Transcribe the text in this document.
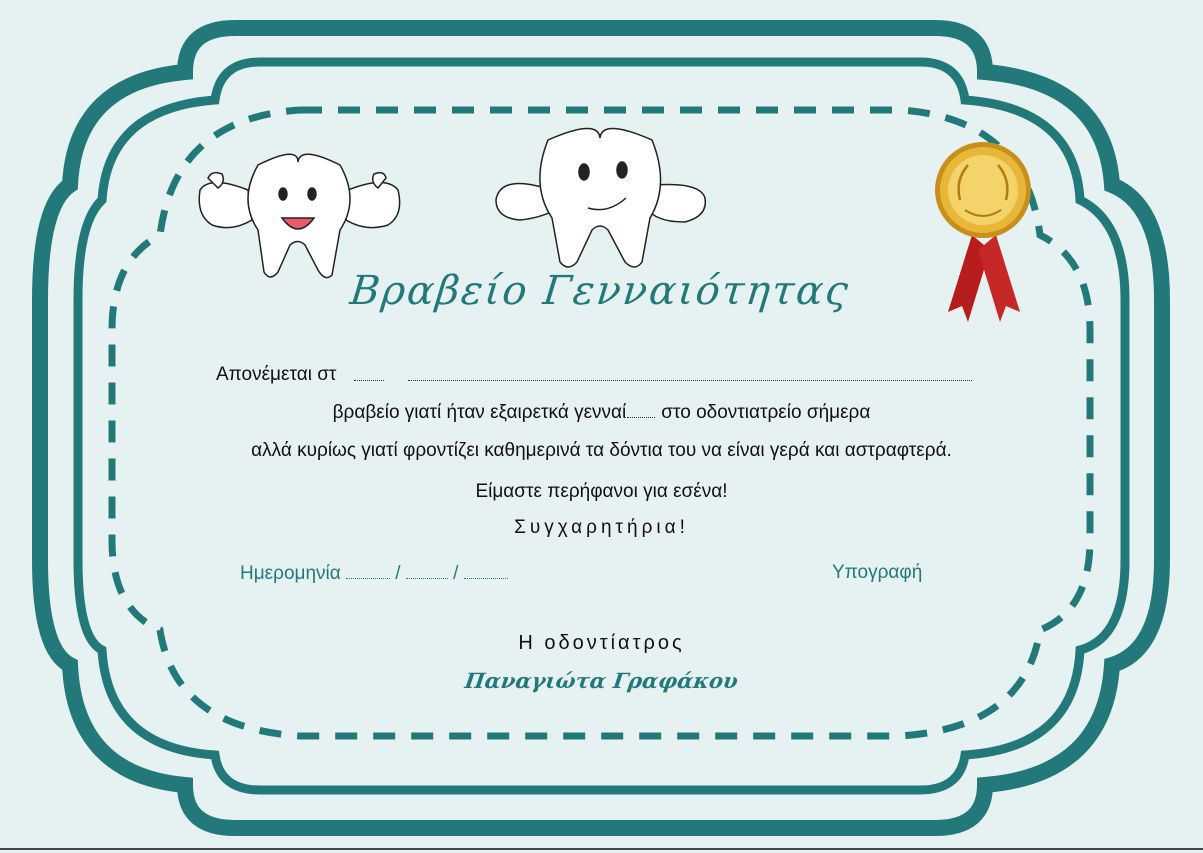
Βραβείο Γενναιότητας
Απονέμεται στ
βραβείο γιατί ήταν εξαιρετκά γενναί στο οδοντιατρείο σήμερα
αλλά κυρίως γιατί φροντίζει καθημερινά τα δόντια του να είναι γερά και αστραφτερά.
Είμαστε περήφανοι για εσένα!
Συγχαρητήρια!
Ημερομηνία	/	/	Υπογραφή
Η οδοντίατρος
Παναγιώτα Γραφάκου
